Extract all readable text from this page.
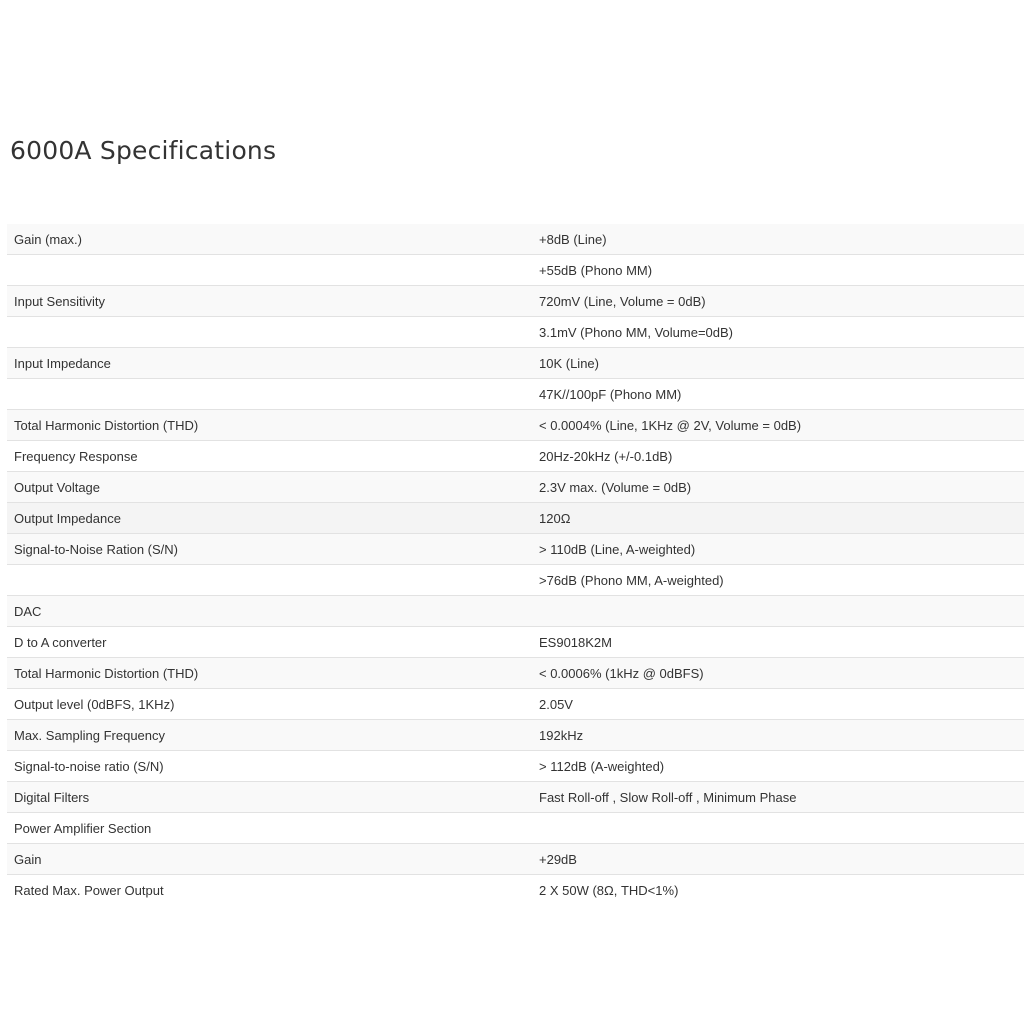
6000A Specifications
Gain (max.)	+8dB (Line)
	+55dB (Phono MM)
Input Sensitivity	720mV (Line, Volume = 0dB)
	3.1mV (Phono MM, Volume=0dB)
Input Impedance	10K (Line)
	47K//100pF (Phono MM)
Total Harmonic Distortion (THD)	< 0.0004% (Line, 1KHz @ 2V, Volume = 0dB)
Frequency Response	20Hz-20kHz (+/-0.1dB)
Output Voltage	2.3V max. (Volume = 0dB)
Output Impedance	120Ω
Signal-to-Noise Ration (S/N)	> 110dB (Line, A-weighted)
	>76dB (Phono MM, A-weighted)
DAC	
D to A converter	ES9018K2M
Total Harmonic Distortion (THD)	< 0.0006% (1kHz @ 0dBFS)
Output level (0dBFS, 1KHz)	2.05V
Max. Sampling Frequency	192kHz
Signal-to-noise ratio (S/N)	> 112dB (A-weighted)
Digital Filters	Fast Roll-off , Slow Roll-off , Minimum Phase
Power Amplifier Section	
Gain	+29dB
Rated Max. Power Output	2 X 50W (8Ω, THD<1%)
